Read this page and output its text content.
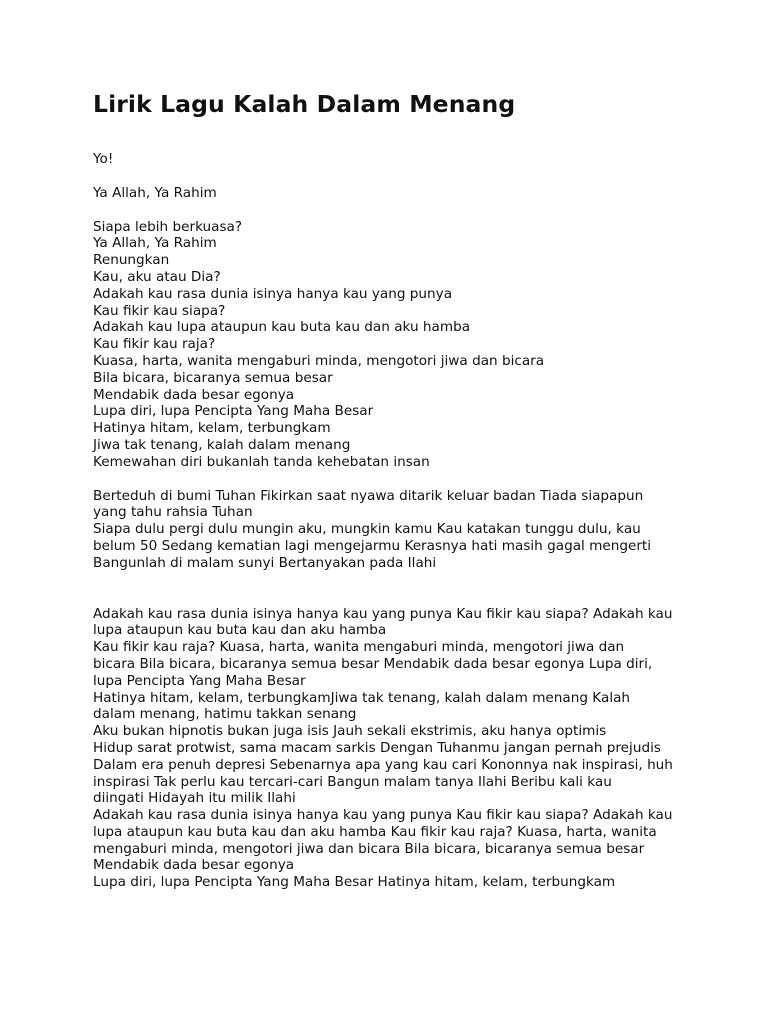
Lirik Lagu Kalah Dalam Menang
Yo!
Ya Allah, Ya Rahim
Siapa lebih berkuasa?
Ya Allah, Ya Rahim
Renungkan
Kau, aku atau Dia?
Adakah kau rasa dunia isinya hanya kau yang punya
Kau fikir kau siapa?
Adakah kau lupa ataupun kau buta kau dan aku hamba
Kau fikir kau raja?
Kuasa, harta, wanita mengaburi minda, mengotori jiwa dan bicara
Bila bicara, bicaranya semua besar
Mendabik dada besar egonya
Lupa diri, lupa Pencipta Yang Maha Besar
Hatinya hitam, kelam, terbungkam
Jiwa tak tenang, kalah dalam menang
Kemewahan diri bukanlah tanda kehebatan insan
Berteduh di bumi Tuhan Fikirkan saat nyawa ditarik keluar badan Tiada siapapun
yang tahu rahsia Tuhan
Siapa dulu pergi dulu mungin aku, mungkin kamu Kau katakan tunggu dulu, kau
belum 50 Sedang kematian lagi mengejarmu Kerasnya hati masih gagal mengerti
Bangunlah di malam sunyi Bertanyakan pada Ilahi
Adakah kau rasa dunia isinya hanya kau yang punya Kau fikir kau siapa? Adakah kau
lupa ataupun kau buta kau dan aku hamba
Kau fikir kau raja? Kuasa, harta, wanita mengaburi minda, mengotori jiwa dan
bicara Bila bicara, bicaranya semua besar Mendabik dada besar egonya Lupa diri,
lupa Pencipta Yang Maha Besar
Hatinya hitam, kelam, terbungkamJiwa tak tenang, kalah dalam menang Kalah
dalam menang, hatimu takkan senang
Aku bukan hipnotis bukan juga isis Jauh sekali ekstrimis, aku hanya optimis
Hidup sarat protwist, sama macam sarkis Dengan Tuhanmu jangan pernah prejudis
Dalam era penuh depresi Sebenarnya apa yang kau cari Kononnya nak inspirasi, huh
inspirasi Tak perlu kau tercari-cari Bangun malam tanya Ilahi Beribu kali kau
diingati Hidayah itu milik Ilahi
Adakah kau rasa dunia isinya hanya kau yang punya Kau fikir kau siapa? Adakah kau
lupa ataupun kau buta kau dan aku hamba Kau fikir kau raja? Kuasa, harta, wanita
mengaburi minda, mengotori jiwa dan bicara Bila bicara, bicaranya semua besar
Mendabik dada besar egonya
Lupa diri, lupa Pencipta Yang Maha Besar Hatinya hitam, kelam, terbungkam
